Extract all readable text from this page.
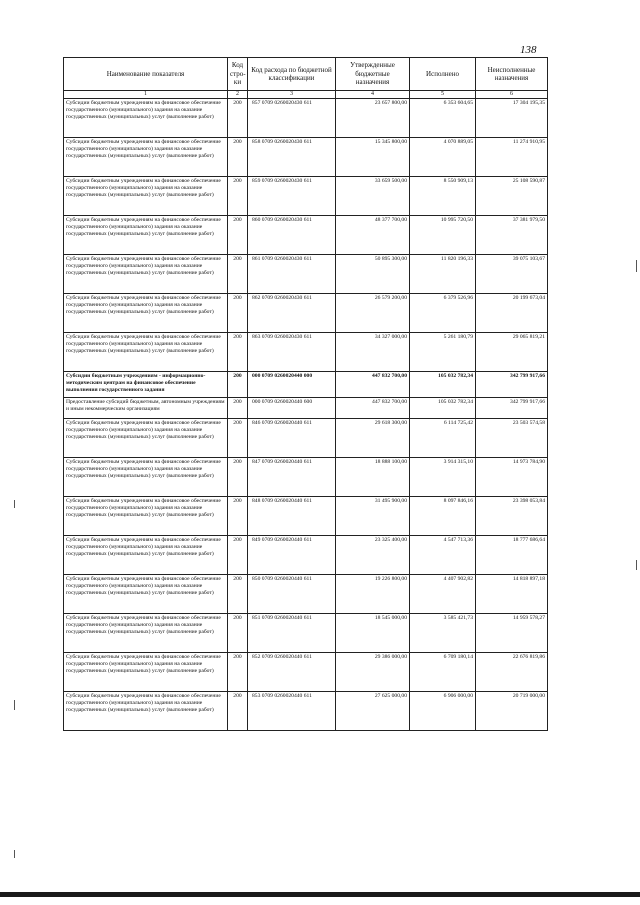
138
Наименование показателя	Код стро-ки	Код расхода по бюджетной классификации	Утвержденные бюджетные назначения	Исполнено	Неисполненные назначения
1	2	3	4	5	6
Субсидии бюджетным учреждениям на финансовое обеспечение государственного (муниципального) задания на оказание государственных (муниципальных) услуг (выполнение работ)	200	857 0709 0260020430 611	23 657 800,00	6 353 604,65	17 304 195,35
Субсидии бюджетным учреждениям на финансовое обеспечение государственного (муниципального) задания на оказание государственных (муниципальных) услуг (выполнение работ)	200	858 0709 0260020430 611	15 345 800,00	4 070 889,05	11 274 910,95
Субсидии бюджетным учреждениям на финансовое обеспечение государственного (муниципального) задания на оказание государственных (муниципальных) услуг (выполнение работ)	200	859 0709 0260020430 611	33 659 500,00	8 550 909,13	25 108 590,87
Субсидии бюджетным учреждениям на финансовое обеспечение государственного (муниципального) задания на оказание государственных (муниципальных) услуг (выполнение работ)	200	860 0709 0260020430 611	48 377 700,00	10 995 720,50	37 381 979,50
Субсидии бюджетным учреждениям на финансовое обеспечение государственного (муниципального) задания на оказание государственных (муниципальных) услуг (выполнение работ)	200	861 0709 0260020430 611	50 895 300,00	11 820 196,33	39 075 103,67
Субсидии бюджетным учреждениям на финансовое обеспечение государственного (муниципального) задания на оказание государственных (муниципальных) услуг (выполнение работ)	200	862 0709 0260020430 611	26 579 200,00	6 379 526,96	20 199 673,04
Субсидии бюджетным учреждениям на финансовое обеспечение государственного (муниципального) задания на оказание государственных (муниципальных) услуг (выполнение работ)	200	863 0709 0260020430 611	34 327 000,00	5 261 180,79	29 065 819,21
Субсидии бюджетным учреждениям - информационно-методическим центрам на финансовое обеспечение выполнения государственного задания	200	000 0709 0260020440 000	447 832 700,00	105 032 782,34	342 799 917,66
Предоставление субсидий бюджетным, автономным учреждениям и иным некоммерческим организациям	200	000 0709 0260020440 600	447 832 700,00	105 032 782,34	342 799 917,66
Субсидии бюджетным учреждениям на финансовое обеспечение государственного (муниципального) задания на оказание государственных (муниципальных) услуг (выполнение работ)	200	846 0709 0260020440 611	29 618 300,00	6 114 725,42	23 503 574,58
Субсидии бюджетным учреждениям на финансовое обеспечение государственного (муниципального) задания на оказание государственных (муниципальных) услуг (выполнение работ)	200	847 0709 0260020440 611	18 888 100,00	3 914 315,10	14 973 784,90
Субсидии бюджетным учреждениям на финансовое обеспечение государственного (муниципального) задания на оказание государственных (муниципальных) услуг (выполнение работ)	200	848 0709 0260020440 611	31 495 900,00	8 097 846,16	23 398 053,84
Субсидии бюджетным учреждениям на финансовое обеспечение государственного (муниципального) задания на оказание государственных (муниципальных) услуг (выполнение работ)	200	849 0709 0260020440 611	23 325 400,00	4 547 713,36	18 777 686,64
Субсидии бюджетным учреждениям на финансовое обеспечение государственного (муниципального) задания на оказание государственных (муниципальных) услуг (выполнение работ)	200	850 0709 0260020440 611	19 226 800,00	4 407 902,82	14 818 897,18
Субсидии бюджетным учреждениям на финансовое обеспечение государственного (муниципального) задания на оказание государственных (муниципальных) услуг (выполнение работ)	200	851 0709 0260020440 611	18 545 000,00	3 585 421,73	14 959 578,27
Субсидии бюджетным учреждениям на финансовое обеспечение государственного (муниципального) задания на оказание государственных (муниципальных) услуг (выполнение работ)	200	852 0709 0260020440 611	29 386 000,00	6 709 180,14	22 676 819,86
Субсидии бюджетным учреждениям на финансовое обеспечение государственного (муниципального) задания на оказание государственных (муниципальных) услуг (выполнение работ)	200	853 0709 0260020440 611	27 625 000,00	6 906 000,00	20 719 000,00
